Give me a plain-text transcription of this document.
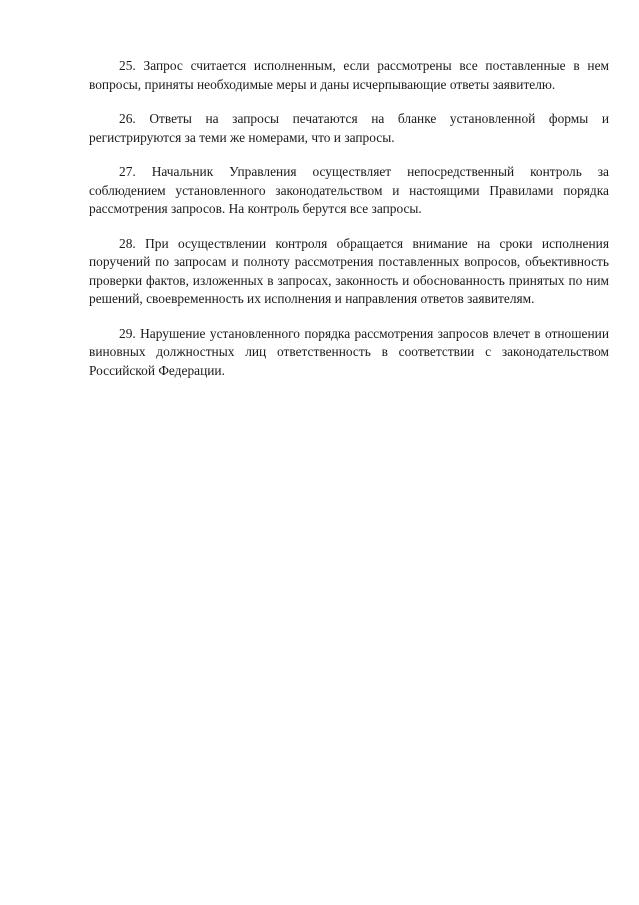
25. Запрос считается исполненным, если рассмотрены все поставленные в нем вопросы, приняты необходимые меры и даны исчерпывающие ответы заявителю.

26. Ответы на запросы печатаются на бланке установленной формы и регистрируются за теми же номерами, что и запросы.

27. Начальник Управления осуществляет непосредственный контроль за соблюдением установленного законодательством и настоящими Правилами порядка рассмотрения запросов. На контроль берутся все запросы.

28. При осуществлении контроля обращается внимание на сроки исполнения поручений по запросам и полноту рассмотрения поставленных вопросов, объективность проверки фактов, изложенных в запросах, законность и обоснованность принятых по ним решений, своевременность их исполнения и направления ответов заявителям.

29. Нарушение установленного порядка рассмотрения запросов влечет в отношении виновных должностных лиц ответственность в соответствии с законодательством Российской Федерации.
